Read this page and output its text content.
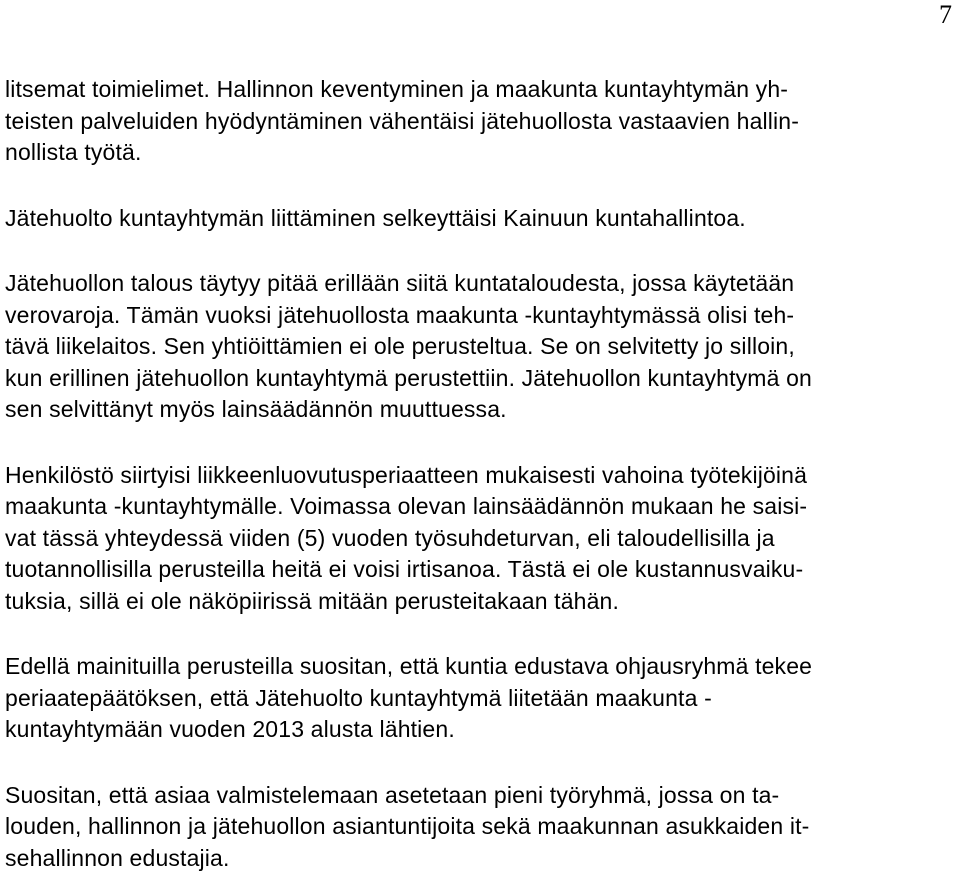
7
litsemat toimielimet. Hallinnon keventyminen ja maakunta kuntayhtymän yh-
teisten palveluiden hyödyntäminen vähentäisi jätehuollosta vastaavien hallin-
nollista työtä.
Jätehuolto kuntayhtymän liittäminen selkeyttäisi Kainuun kuntahallintoa.
Jätehuollon talous täytyy pitää erillään siitä kuntataloudesta, jossa käytetään
verovaroja. Tämän vuoksi jätehuollosta maakunta -kuntayhtymässä olisi teh-
tävä liikelaitos. Sen yhtiöittämien ei ole perusteltua. Se on selvitetty jo silloin,
kun erillinen jätehuollon kuntayhtymä perustettiin. Jätehuollon kuntayhtymä on
sen selvittänyt myös lainsäädännön muuttuessa.
Henkilöstö siirtyisi liikkeenluovutusperiaatteen mukaisesti vahoina työtekijöinä
maakunta -kuntayhtymälle. Voimassa olevan lainsäädännön mukaan he saisi-
vat tässä yhteydessä viiden (5) vuoden työsuhdeturvan, eli taloudellisilla ja
tuotannollisilla perusteilla heitä ei voisi irtisanoa. Tästä ei ole kustannusvaiku-
tuksia, sillä ei ole näköpiirissä mitään perusteitakaan tähän.
Edellä mainituilla perusteilla suositan, että kuntia edustava ohjausryhmä tekee
periaatepäätöksen, että Jätehuolto kuntayhtymä liitetään maakunta -
kuntayhtymään vuoden 2013 alusta lähtien.
Suositan, että asiaa valmistelemaan asetetaan pieni työryhmä, jossa on ta-
louden, hallinnon ja jätehuollon asiantuntijoita sekä maakunnan asukkaiden it-
sehallinnon edustajia.
